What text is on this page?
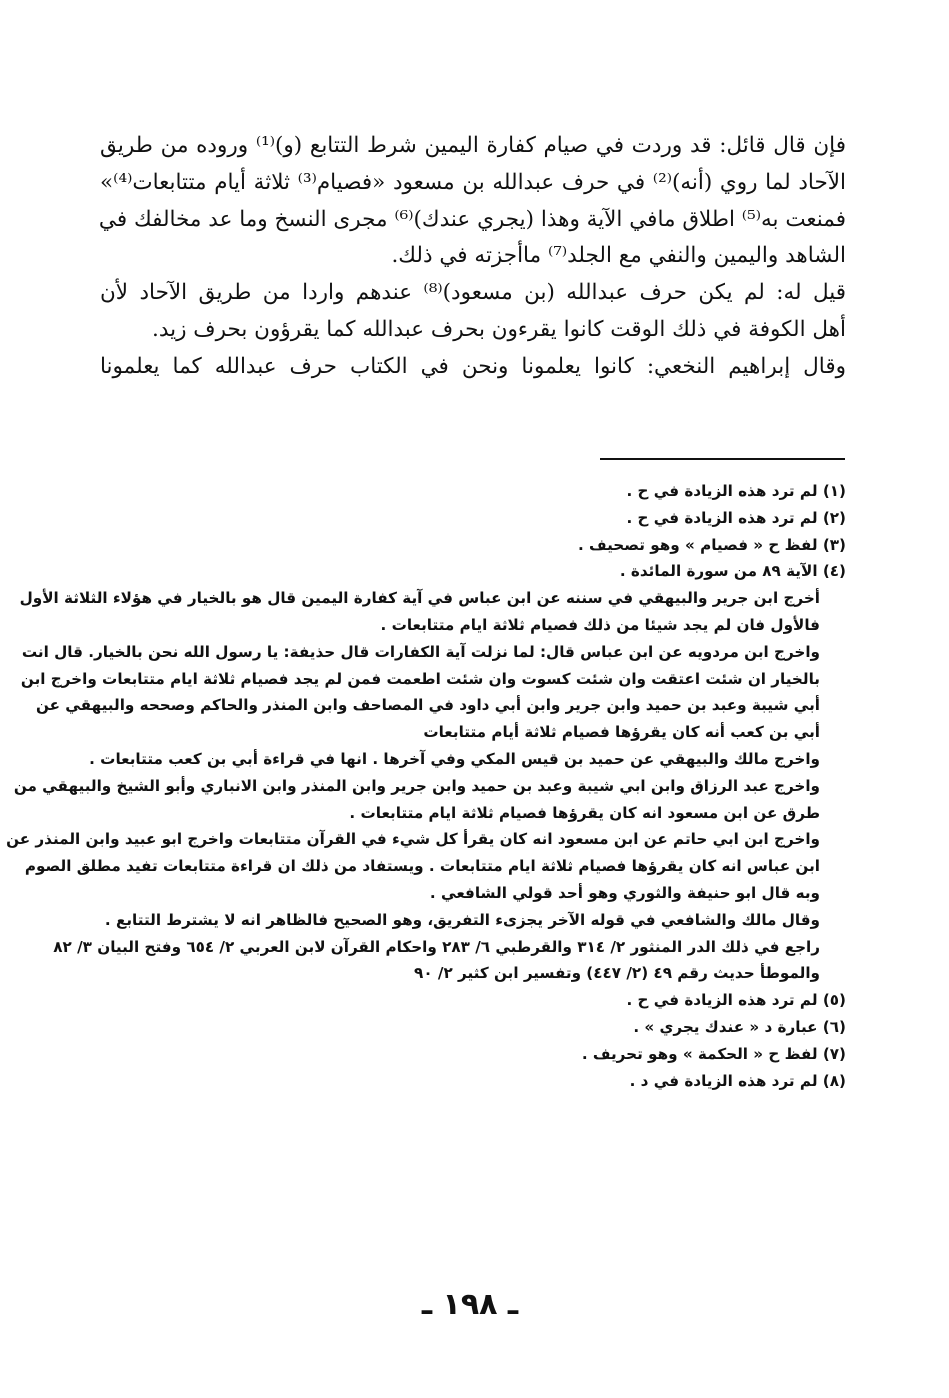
فإن قال قائل: قد وردت في صيام كفارة اليمين شرط التتابع (و)⁽¹⁾ وروده من طريق
الآحاد لما روي (أنه)⁽²⁾ في حرف عبدالله بن مسعود «فصيام⁽³⁾ ثلاثة أيام متتابعات⁽⁴⁾»
فمنعت به⁽⁵⁾ اطلاق مافي الآية وهذا (يجري عندك)⁽⁶⁾ مجرى النسخ وما عد مخالفك في
الشاهد واليمين والنفي مع الجلد⁽⁷⁾ ماأجزته في ذلك.
قيل له: لم يكن حرف عبدالله (بن مسعود)⁽⁸⁾ عندهم واردا من طريق الآحاد لأن
أهل الكوفة في ذلك الوقت كانوا يقرءون بحرف عبدالله كما يقرؤون بحرف زيد.
وقال إبراهيم النخعي: كانوا يعلمونا ونحن في الكتاب حرف عبدالله كما يعلمونا
(١) لم ترد هذه الزيادة في ح .
(٢) لم ترد هذه الزيادة في ح .
(٣) لفظ ح « فصيام » وهو تصحيف .
(٤) الآية ٨٩ من سورة المائدة .
أخرج ابن جرير والبيهقي في سننه عن ابن عباس في آية كفارة اليمين قال هو بالخيار في هؤلاء الثلاثة الأول
فالأول فان لم يجد شيئا من ذلك فصيام ثلاثة ايام متتابعات .
واخرج ابن مردويه عن ابن عباس قال: لما نزلت آية الكفارات قال حذيفة: يا رسول الله نحن بالخيار. قال انت
بالخيار ان شئت اعتقت وان شئت كسوت وان شئت اطعمت فمن لم يجد فصيام ثلاثة ايام متتابعات واخرج ابن
أبي شيبة وعبد بن حميد وابن جرير وابن أبي داود في المصاحف وابن المنذر والحاكم وصححه والبيهقي عن
أبي بن كعب أنه كان يقرؤها فصيام ثلاثة أيام متتابعات
واخرج مالك والبيهقي عن حميد بن قيس المكي وفي آخرها . انها في قراءة أبي بن كعب متتابعات .
واخرج عبد الرزاق وابن ابي شيبة وعبد بن حميد وابن جرير وابن المنذر وابن الانباري وأبو الشيخ والبيهقي من
طرق عن ابن مسعود انه كان يقرؤها فصيام ثلاثة ايام متتابعات .
واخرج ابن ابي حاتم عن ابن مسعود انه كان يقرأ كل شيء في القرآن متتابعات واخرج ابو عبيد وابن المنذر عن
ابن عباس انه كان يقرؤها فصيام ثلاثة ايام متتابعات . ويستفاد من ذلك ان قراءة متتابعات تفيد مطلق الصوم
وبه قال ابو حنيفة والثوري وهو أحد قولي الشافعي .
وقال مالك والشافعي في قوله الآخر يجزىء التفريق، وهو الصحيح فالظاهر انه لا يشترط التتابع .
راجع في ذلك الدر المنثور ٢/ ٣١٤ والقرطبي ٦/ ٢٨٣ واحكام القرآن لابن العربي ٢/ ٦٥٤ وفتح البيان ٣/ ٨٢
والموطأ حديث رقم ٤٩ (٢/ ٤٤٧) وتفسير ابن كثير ٢/ ٩٠
(٥) لم ترد هذه الزيادة في ح .
(٦) عبارة د « عندك يجري » .
(٧) لفظ ح « الحكمة » وهو تحريف .
(٨) لم ترد هذه الزيادة في د .
ـ ١٩٨ ـ
